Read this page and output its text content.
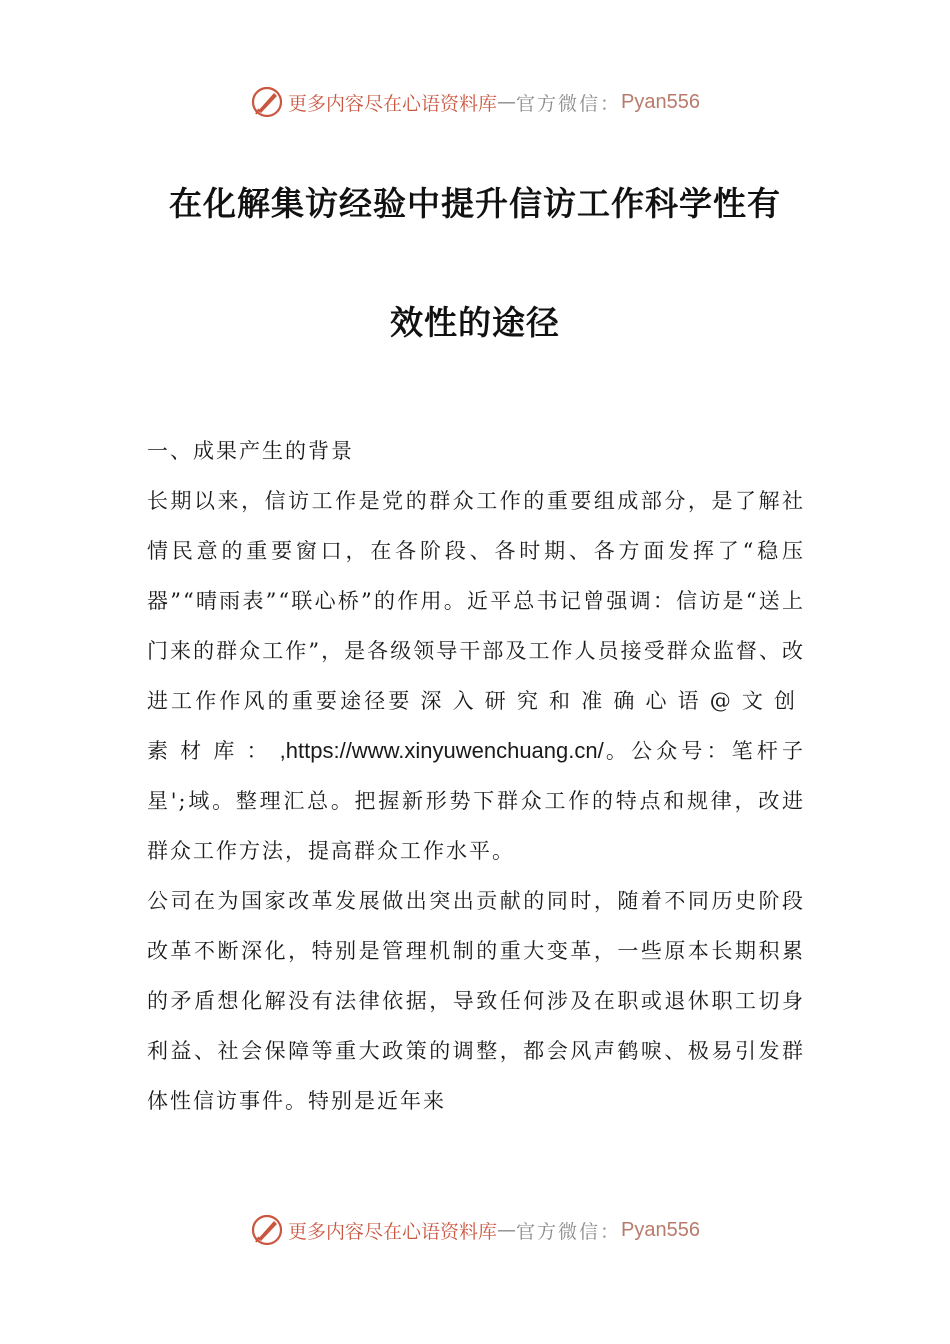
更多内容尽在心语资料库 — 官方微信： Pyan556
在化解集访经验中提升信访工作科学性有
效性的途径

一、成果产生的背景

长期以来，信访工作是党的群众工作的重要组成部分，是了解社情民意的重要窗口，在各阶段、各时期、各方面发挥了“稳压器”“晴雨表”“联心桥”的作用。近平总书记曾强调：信访是“送上门来的群众工作”，是各级领导干部及工作人员接受群众监督、改进工作作风的重要途径要深入研究和准确心语@文创素材库：,https://www.xinyuwenchuang.cn/。公众号：笔杆子星';域。整理汇总。把握新形势下群众工作的特点和规律，改进群众工作方法，提高群众工作水平。

公司在为国家改革发展做出突出贡献的同时，随着不同历史阶段改革不断深化，特别是管理机制的重大变革，一些原本长期积累的矛盾想化解没有法律依据，导致任何涉及在职或退休职工切身利益、社会保障等重大政策的调整，都会风声鹤唳、极易引发群体性信访事件。特别是近年来

更多内容尽在心语资料库 — 官方微信： Pyan556
